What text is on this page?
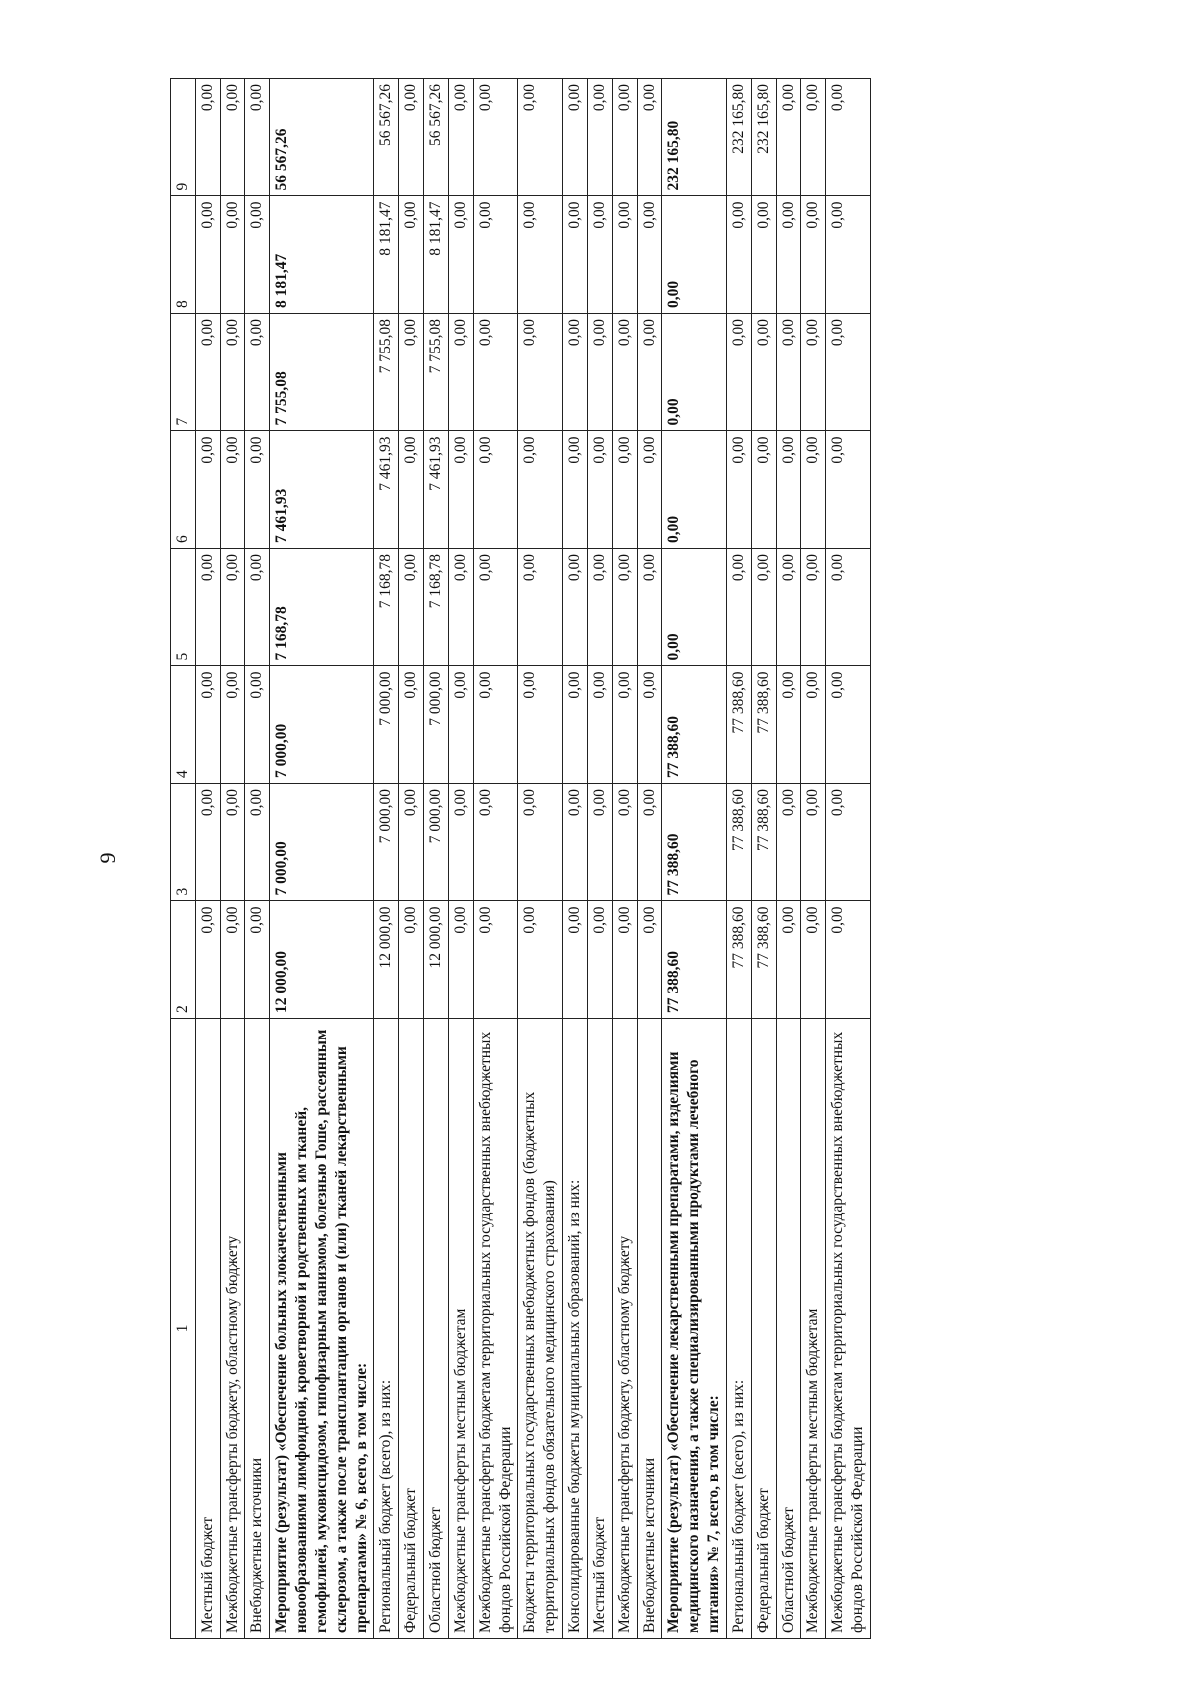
9
1	2	3	4	5	6	7	8	9
Местный бюджет	0,00	0,00	0,00	0,00	0,00	0,00	0,00	0,00
Межбюджетные трансферты бюджету, областному бюджету	0,00	0,00	0,00	0,00	0,00	0,00	0,00	0,00
Внебюджетные источники	0,00	0,00	0,00	0,00	0,00	0,00	0,00	0,00
Мероприятие (результат) «Обеспечение больных злокачественными новообразованиями лимфоидной, кроветворной и родственных им тканей, гемофилией, муковисцидозом, гипофизарным нанизмом, болезнью Гоше, рассеянным склерозом, а также после трансплантации органов и (или) тканей лекарственными препаратами» № 6, всего, в том числе:	12 000,00	7 000,00	7 000,00	7 168,78	7 461,93	7 755,08	8 181,47	56 567,26
Региональный бюджет (всего), из них:	12 000,00	7 000,00	7 000,00	7 168,78	7 461,93	7 755,08	8 181,47	56 567,26
Федеральный бюджет	0,00	0,00	0,00	0,00	0,00	0,00	0,00	0,00
Областной бюджет	12 000,00	7 000,00	7 000,00	7 168,78	7 461,93	7 755,08	8 181,47	56 567,26
Межбюджетные трансферты местным бюджетам	0,00	0,00	0,00	0,00	0,00	0,00	0,00	0,00
Межбюджетные трансферты бюджетам территориальных государственных внебюджетных фондов Российской Федерации	0,00	0,00	0,00	0,00	0,00	0,00	0,00	0,00
Бюджеты территориальных государственных внебюджетных фондов (бюджетных территориальных фондов обязательного медицинского страхования)	0,00	0,00	0,00	0,00	0,00	0,00	0,00	0,00
Консолидированные бюджеты муниципальных образований, из них:	0,00	0,00	0,00	0,00	0,00	0,00	0,00	0,00
Местный бюджет	0,00	0,00	0,00	0,00	0,00	0,00	0,00	0,00
Межбюджетные трансферты бюджету, областному бюджету	0,00	0,00	0,00	0,00	0,00	0,00	0,00	0,00
Внебюджетные источники	0,00	0,00	0,00	0,00	0,00	0,00	0,00	0,00
Мероприятие (результат) «Обеспечение лекарственными препаратами, изделиями медицинского назначения, а также специализированными продуктами лечебного питания» № 7, всего, в том числе:	77 388,60	77 388,60	77 388,60	0,00	0,00	0,00	0,00	232 165,80
Региональный бюджет (всего), из них:	77 388,60	77 388,60	77 388,60	0,00	0,00	0,00	0,00	232 165,80
Федеральный бюджет	77 388,60	77 388,60	77 388,60	0,00	0,00	0,00	0,00	232 165,80
Областной бюджет	0,00	0,00	0,00	0,00	0,00	0,00	0,00	0,00
Межбюджетные трансферты местным бюджетам	0,00	0,00	0,00	0,00	0,00	0,00	0,00	0,00
Межбюджетные трансферты бюджетам территориальных государственных внебюджетных фондов Российской Федерации	0,00	0,00	0,00	0,00	0,00	0,00	0,00	0,00
